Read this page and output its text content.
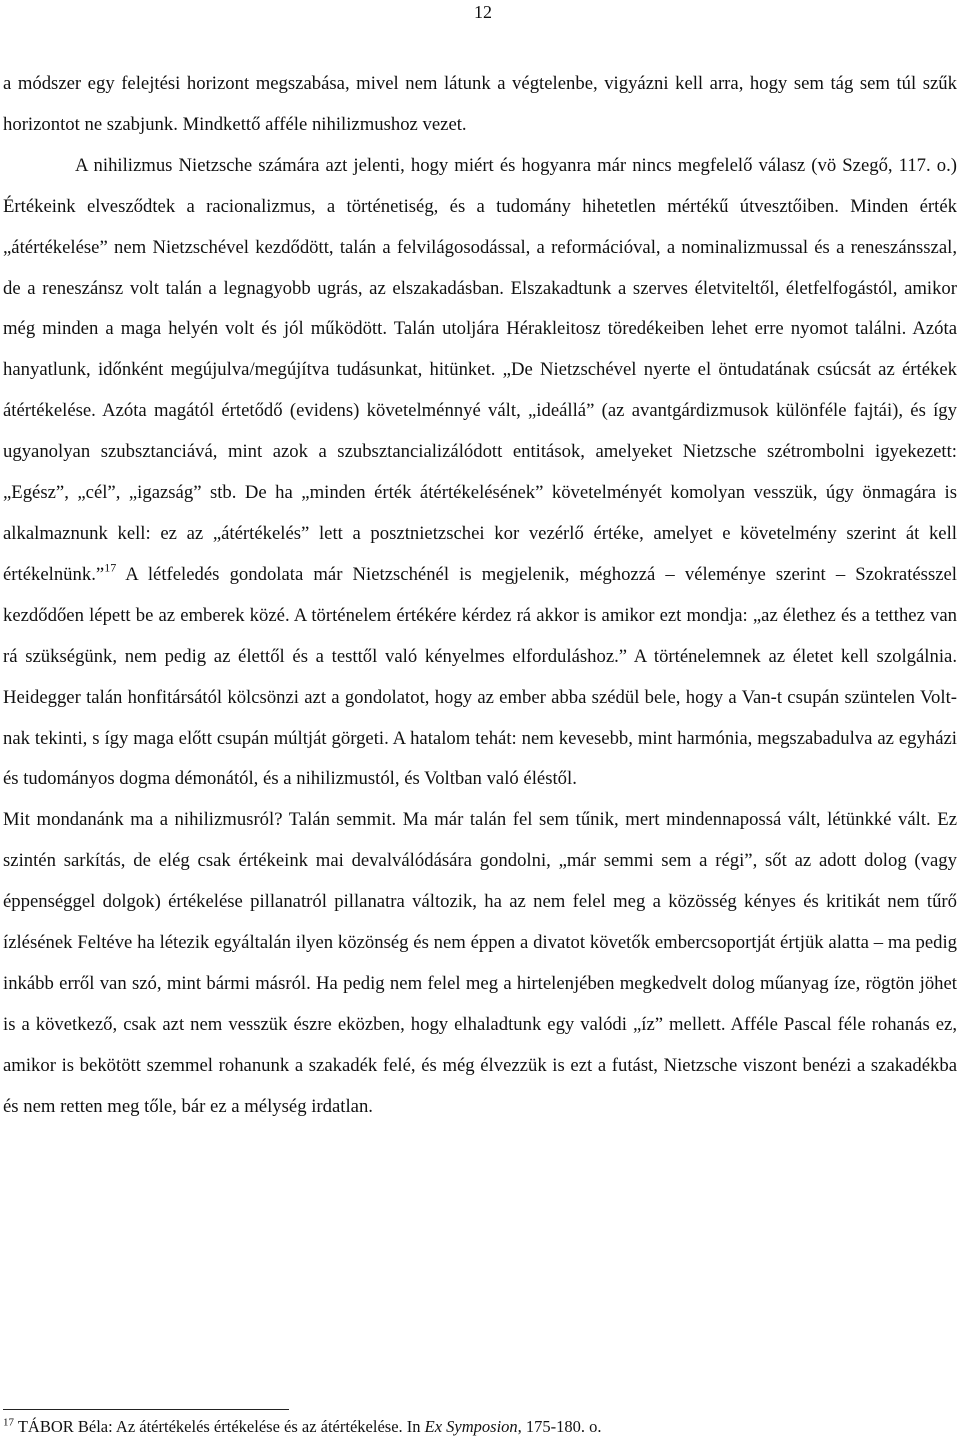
12

a módszer egy felejtési horizont megszabása, mivel nem látunk a végtelenbe, vigyázni kell arra, hogy sem tág sem túl szűk horizontot ne szabjunk. Mindkettő afféle nihilizmushoz vezet.

A nihilizmus Nietzsche számára azt jelenti, hogy miért és hogyanra már nincs megfelelő válasz (vö Szegő, 117. o.) Értékeink elvesződtek a racionalizmus, a történetiség, és a tudomány hihetetlen mértékű útvesztőiben. Minden érték „átértékelése” nem Nietzschével kezdődött, talán a felvilágosodással, a reformációval, a nominalizmussal és a reneszánsszal, de a reneszánsz volt talán a legnagyobb ugrás, az elszakadásban. Elszakadtunk a szerves életviteltől, életfelfogástól, amikor még minden a maga helyén volt és jól működött. Talán utoljára Hérakleitosz töredékeiben lehet erre nyomot találni. Azóta hanyatlunk, időnként megújulva/megújítva tudásunkat, hitünket. „De Nietzschével nyerte el öntudatának csúcsát az értékek átértékelése. Azóta magától értetődő (evidens) követelménnyé vált, „ideállá” (az avantgárdizmusok különféle fajtái), és így ugyanolyan szubsztanciává, mint azok a szubsztancializálódott entitások, amelyeket Nietzsche szétrombolni igyekezett: „Egész”, „cél”, „igazság” stb. De ha „minden érték átértékelésének” követelményét komolyan vesszük, úgy önmagára is alkalmaznunk kell: ez az „átértékelés” lett a posztnietzschei kor vezérlő értéke, amelyet e követelmény szerint át kell értékelnünk.”$^{17}$ A létfeledés gondolata már Nietzschénél is megjelenik, méghozzá – véleménye szerint – Szokratésszel kezdődően lépett be az emberek közé. A történelem értékére kérdez rá akkor is amikor ezt mondja: „az élethez és a tetthez van rá szükségünk, nem pedig az élettől és a testtől való kényelmes elforduláshoz.” A történelemnek az életet kell szolgálnia. Heidegger talán honfitársától kölcsönzi azt a gondolatot, hogy az ember abba szédül bele, hogy a Van-t csupán szüntelen Volt-nak tekinti, s így maga előtt csupán múltját görgeti. A hatalom tehát: nem kevesebb, mint harmónia, megszabadulva az egyházi és tudományos dogma démonától, és a nihilizmustól, és Voltban való éléstől.

Mit mondanánk ma a nihilizmusról? Talán semmit. Ma már talán fel sem tűnik, mert mindennapossá vált, létünkké vált. Ez szintén sarkítás, de elég csak értékeink mai devalválódására gondolni, „már semmi sem a régi”, sőt az adott dolog (vagy éppenséggel dolgok) értékelése pillanatról pillanatra változik, ha az nem felel meg a közösség kényes és kritikát nem tűrő ízlésének Feltéve ha létezik egyáltalán ilyen közönség és nem éppen a divatot követők embercsoportját értjük alatta – ma pedig inkább erről van szó, mint bármi másról. Ha pedig nem felel meg a hirtelenjében megkedvelt dolog műanyag íze, rögtön jöhet is a következő, csak azt nem vesszük észre eközben, hogy elhaladtunk egy valódi „íz” mellett. Afféle Pascal féle rohanás ez, amikor is bekötött szemmel rohanunk a szakadék felé, és még élvezzük is ezt a futást, Nietzsche viszont benézi a szakadékba és nem retten meg tőle, bár ez a mélység irdatlan.

$^{17}$ TÁBOR Béla: Az átértékelés értékelése és az átértékelése. In Ex Symposion, 175-180. o.
